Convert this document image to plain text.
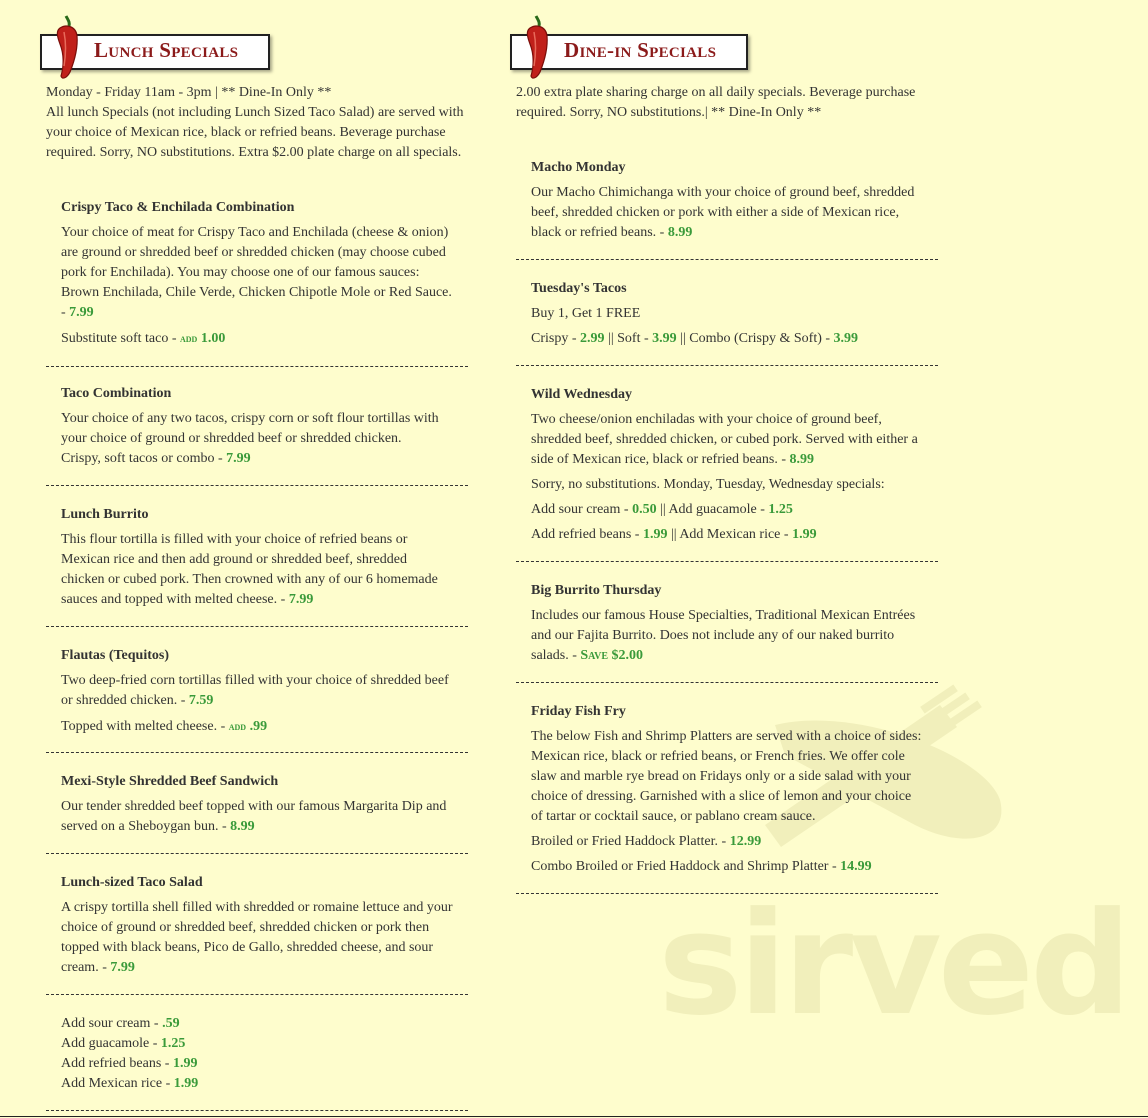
Lunch Specials
Monday - Friday 11am - 3pm | ** Dine-In Only **
All lunch Specials (not including Lunch Sized Taco Salad) are served with your choice of Mexican rice, black or refried beans. Beverage purchase required. Sorry, NO substitutions. Extra $2.00 plate charge on all specials.
Crispy Taco & Enchilada Combination
Your choice of meat for Crispy Taco and Enchilada (cheese & onion) are ground or shredded beef or shredded chicken (may choose cubed pork for Enchilada). You may choose one of our famous sauces: Brown Enchilada, Chile Verde, Chicken Chipotle Mole or Red Sauce. - 7.99
Substitute soft taco - add 1.00
Taco Combination
Your choice of any two tacos, crispy corn or soft flour tortillas with your choice of ground or shredded beef or shredded chicken.
Crispy, soft tacos or combo - 7.99
Lunch Burrito
This flour tortilla is filled with your choice of refried beans or Mexican rice and then add ground or shredded beef, shredded chicken or cubed pork. Then crowned with any of our 6 homemade sauces and topped with melted cheese. - 7.99
Flautas (Tequitos)
Two deep-fried corn tortillas filled with your choice of shredded beef or shredded chicken. - 7.59
Topped with melted cheese. - add .99
Mexi-Style Shredded Beef Sandwich
Our tender shredded beef topped with our famous Margarita Dip and served on a Sheboygan bun. - 8.99
Lunch-sized Taco Salad
A crispy tortilla shell filled with shredded or romaine lettuce and your choice of ground or shredded beef, shredded chicken or pork then topped with black beans, Pico de Gallo, shredded cheese, and sour cream. - 7.99
Add sour cream - .59
Add guacamole - 1.25
Add refried beans - 1.99
Add Mexican rice - 1.99
sirved
Dine-in Specials
2.00 extra plate sharing charge on all daily specials. Beverage purchase required. Sorry, NO substitutions.| ** Dine-In Only **
Macho Monday
Our Macho Chimichanga with your choice of ground beef, shredded beef, shredded chicken or pork with either a side of Mexican rice, black or refried beans. - 8.99
Tuesday's Tacos
Buy 1, Get 1 FREE
Crispy - 2.99 || Soft - 3.99 || Combo (Crispy & Soft) - 3.99
Wild Wednesday
Two cheese/onion enchiladas with your choice of ground beef, shredded beef, shredded chicken, or cubed pork. Served with either a side of Mexican rice, black or refried beans. - 8.99
Sorry, no substitutions. Monday, Tuesday, Wednesday specials:
Add sour cream - 0.50 || Add guacamole - 1.25
Add refried beans - 1.99 || Add Mexican rice - 1.99
Big Burrito Thursday
Includes our famous House Specialties, Traditional Mexican Entrées and our Fajita Burrito. Does not include any of our naked burrito salads. - Save $2.00
Friday Fish Fry
The below Fish and Shrimp Platters are served with a choice of sides: Mexican rice, black or refried beans, or French fries. We offer cole slaw and marble rye bread on Fridays only or a side salad with your choice of dressing. Garnished with a slice of lemon and your choice of tartar or cocktail sauce, or pablano cream sauce.
Broiled or Fried Haddock Platter. - 12.99
Combo Broiled or Fried Haddock and Shrimp Platter - 14.99
